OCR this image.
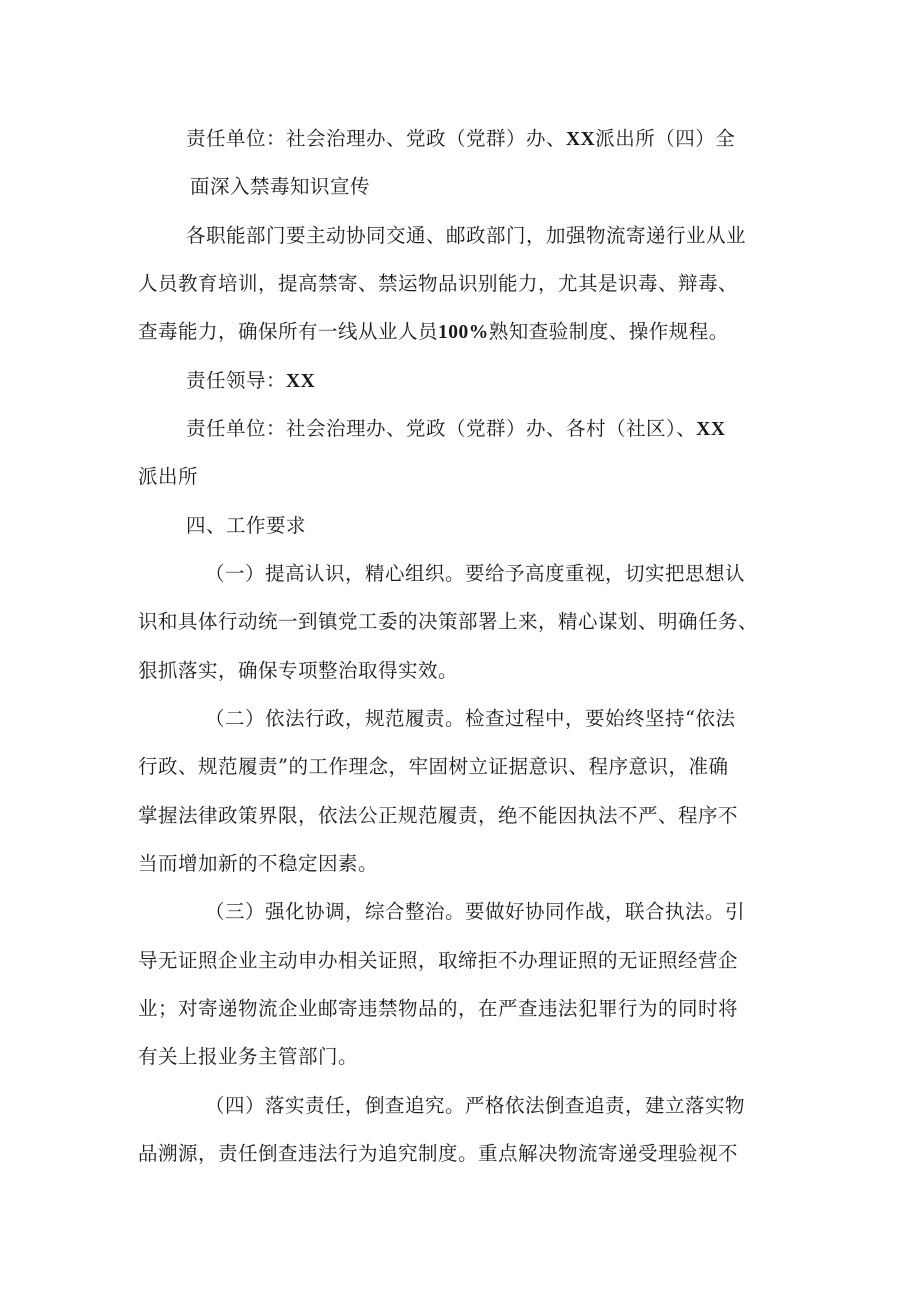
责任单位：社会治理办、党政（党群）办、XX派出所（四）全
面深入禁毒知识宣传
各职能部门要主动协同交通、邮政部门，加强物流寄递行业从业
人员教育培训，提高禁寄、禁运物品识别能力，尤其是识毒、辩毒、
查毒能力，确保所有一线从业人员100%熟知查验制度、操作规程。
责任领导：XX
责任单位：社会治理办、党政（党群）办、各村（社区）、XX
派出所
四、工作要求
（一）提高认识，精心组织。要给予高度重视，切实把思想认
识和具体行动统一到镇党工委的决策部署上来，精心谋划、明确任务、
狠抓落实，确保专项整治取得实效。
（二）依法行政，规范履责。检查过程中，要始终坚持“依法
行政、规范履责”的工作理念，牢固树立证据意识、程序意识，准确
掌握法律政策界限，依法公正规范履责，绝不能因执法不严、程序不
当而增加新的不稳定因素。
（三）强化协调，综合整治。要做好协同作战，联合执法。引
导无证照企业主动申办相关证照，取缔拒不办理证照的无证照经营企
业；对寄递物流企业邮寄违禁物品的，在严查违法犯罪行为的同时将
有关上报业务主管部门。
（四）落实责任，倒查追究。严格依法倒查追责，建立落实物
品溯源，责任倒查违法行为追究制度。重点解决物流寄递受理验视不
